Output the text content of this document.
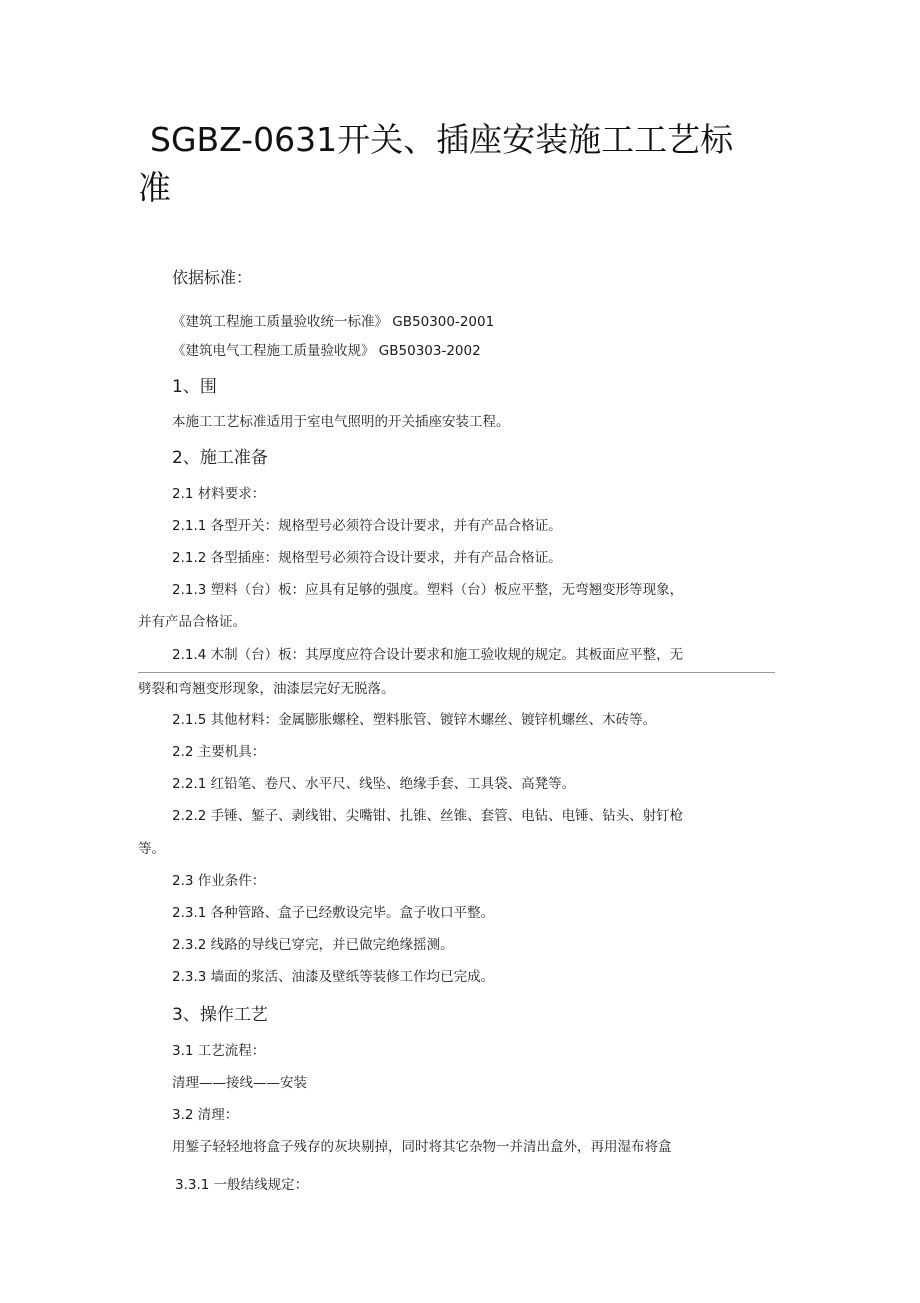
SGBZ-0631开关、插座安装施工工艺标
准
依据标准：
《建筑工程施工质量验收统一标准》 GB50300-2001
《建筑电气工程施工质量验收规》 GB50303-2002
1、围
本施工工艺标准适用于室电气照明的开关插座安装工程。
2、施工准备
2.1 材料要求：
2.1.1 各型开关：规格型号必须符合设计要求，并有产品合格证。
2.1.2 各型插座：规格型号必须符合设计要求，并有产品合格证。
2.1.3 塑料（台）板：应具有足够的强度。塑料（台）板应平整，无弯翘变形等现象，
并有产品合格证。
2.1.4 木制（台）板：其厚度应符合设计要求和施工验收规的规定。其板面应平整，无
劈裂和弯翘变形现象，油漆层完好无脱落。
2.1.5 其他材料：金属膨胀螺栓、塑料胀管、镀锌木螺丝、镀锌机螺丝、木砖等。
2.2 主要机具：
2.2.1 红铅笔、卷尺、水平尺、线坠、绝缘手套、工具袋、高凳等。
2.2.2 手锤、錾子、剥线钳、尖嘴钳、扎锥、丝锥、套管、电钻、电锤、钻头、射钉枪
等。
2.3 作业条件：
2.3.1 各种管路、盒子已经敷设完毕。盒子收口平整。
2.3.2 线路的导线已穿完，并已做完绝缘摇测。
2.3.3 墙面的浆活、油漆及壁纸等装修工作均已完成。
3、操作工艺
3.1 工艺流程：
清理——接线——安装
3.2 清理：
用錾子轻轻地将盒子残存的灰块剔掉，同时将其它杂物一并清出盒外，再用湿布将盒
3.3.1 一般结线规定：
